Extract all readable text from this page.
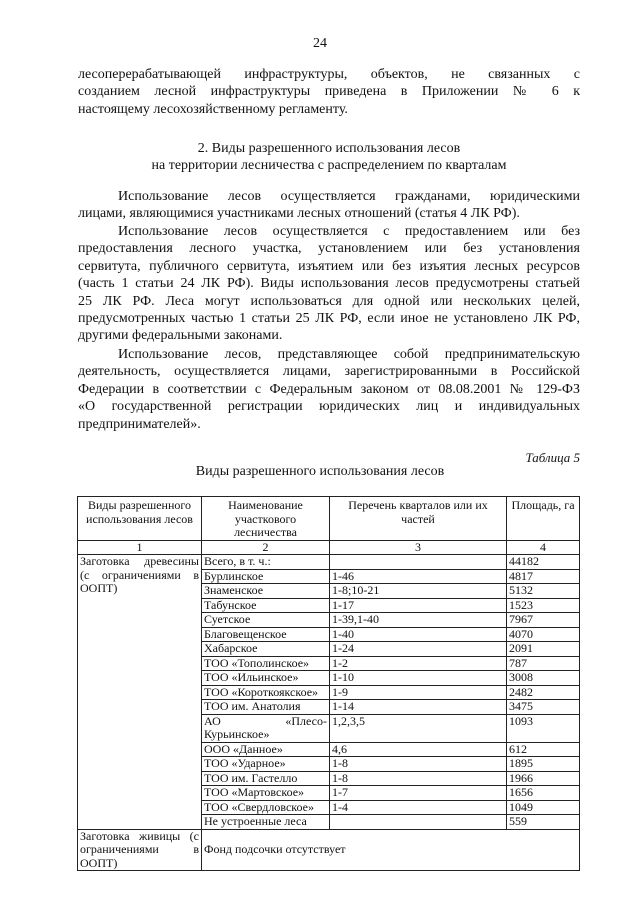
24
лесоперерабатывающей инфраструктуры, объектов, не связанных с
созданием лесной инфраструктуры приведена в Приложении № 6 к
настоящему лесохозяйственному регламенту.
2. Виды разрешенного использования лесов
на территории лесничества с распределением по кварталам
Использование лесов осуществляется гражданами, юридическими
лицами, являющимися участниками лесных отношений (статья 4 ЛК РФ).
Использование лесов осуществляется с предоставлением или без
предоставления лесного участка, установлением или без установления
сервитута, публичного сервитута, изъятием или без изъятия лесных ресурсов
(часть 1 статьи 24 ЛК РФ). Виды использования лесов предусмотрены статьей
25 ЛК РФ. Леса могут использоваться для одной или нескольких целей,
предусмотренных частью 1 статьи 25 ЛК РФ, если иное не установлено ЛК РФ,
другими федеральными законами.
Использование лесов, представляющее собой предпринимательскую
деятельность, осуществляется лицами, зарегистрированными в Российской
Федерации в соответствии с Федеральным законом от 08.08.2001 № 129-ФЗ
«О государственной регистрации юридических лиц и индивидуальных
предпринимателей».
Таблица 5
Виды разрешенного использования лесов
Виды разрешенного использования лесов	Наименование участкового лесничества	Перечень кварталов или их частей	Площадь, га
1	2	3	4

Заготовка древесины
(с ограничениями в
ООПТ)	Всего, в т. ч.:		44182
	Бурлинское	1-46	4817
	Знаменское	1-8;10-21	5132
	Табунское	1-17	1523
	Суетское	1-39,1-40	7967
	Благовещенское	1-40	4070
	Хабарское	1-24	2091
	ТОО «Тополинское»	1-2	787
	ТОО «Ильинское»	1-10	3008
	ТОО «Короткоякское»	1-9	2482
	ТОО им. Анатолия	1-14	3475

	АО «Плесо-
Курьинское»	1,2,3,5	1093
	ООО «Данное»	4,6	612
	ТОО «Ударное»	1-8	1895
	ТОО им. Гастелло	1-8	1966
	ТОО «Мартовское»	1-7	1656
	ТОО «Свердловское»	1-4	1049
	Не устроенные леса		559

Заготовка живицы (с
ограничениями в
ООПТ)	Фонд подсочки отсутствует		
